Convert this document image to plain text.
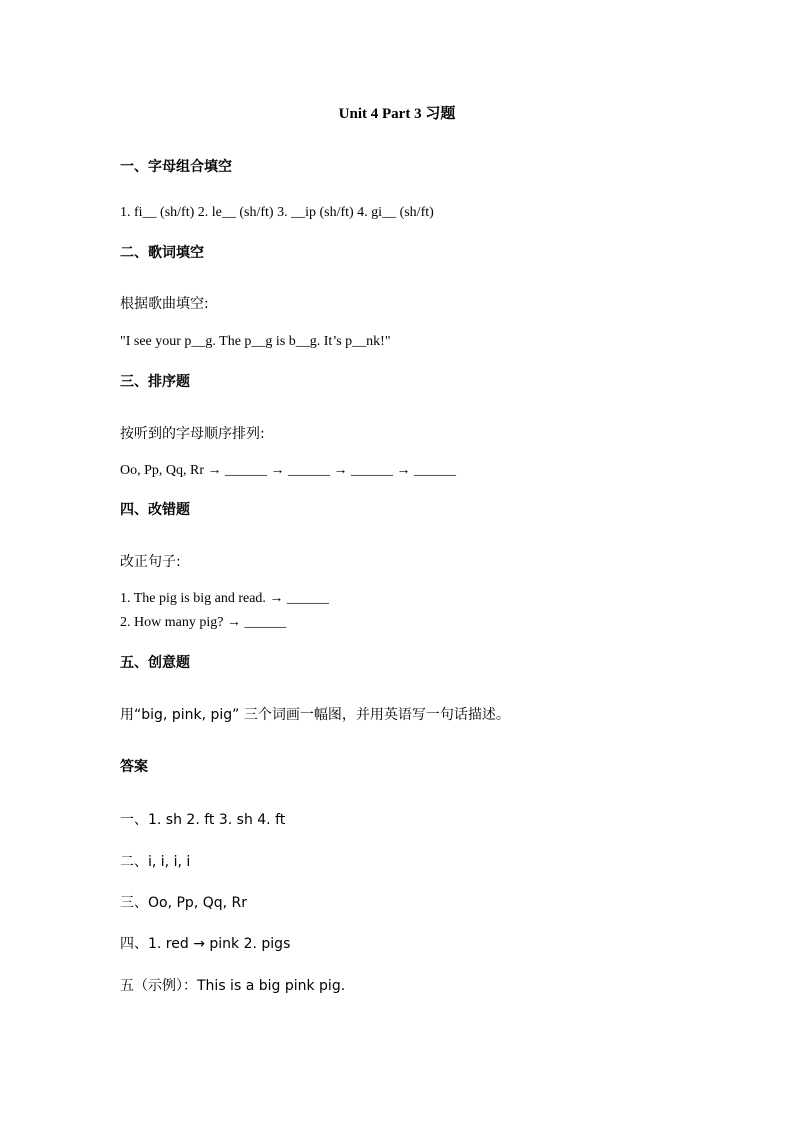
Unit 4 Part 3 习题
一、字母组合填空
1. fi__ (sh/ft) 2. le__ (sh/ft) 3. __ip (sh/ft) 4. gi__ (sh/ft)
二、歌词填空
根据歌曲填空:
"I see your p__g. The p__g is b__g. It’s p__nk!"
三、排序题
按听到的字母顺序排列:
Oo, Pp, Qq, Rr → ______ → ______ → ______ → ______
四、改错题
改正句子:
1. The pig is big and read. → ______
2. How many pig? → ______
五、创意题
用“big, pink, pig” 三个词画一幅图，并用英语写一句话描述。
答案
一、1. sh 2. ft 3. sh 4. ft
二、i, i, i, i
三、Oo, Pp, Qq, Rr
四、1. red → pink 2. pigs
五（示例）：This is a big pink pig.
